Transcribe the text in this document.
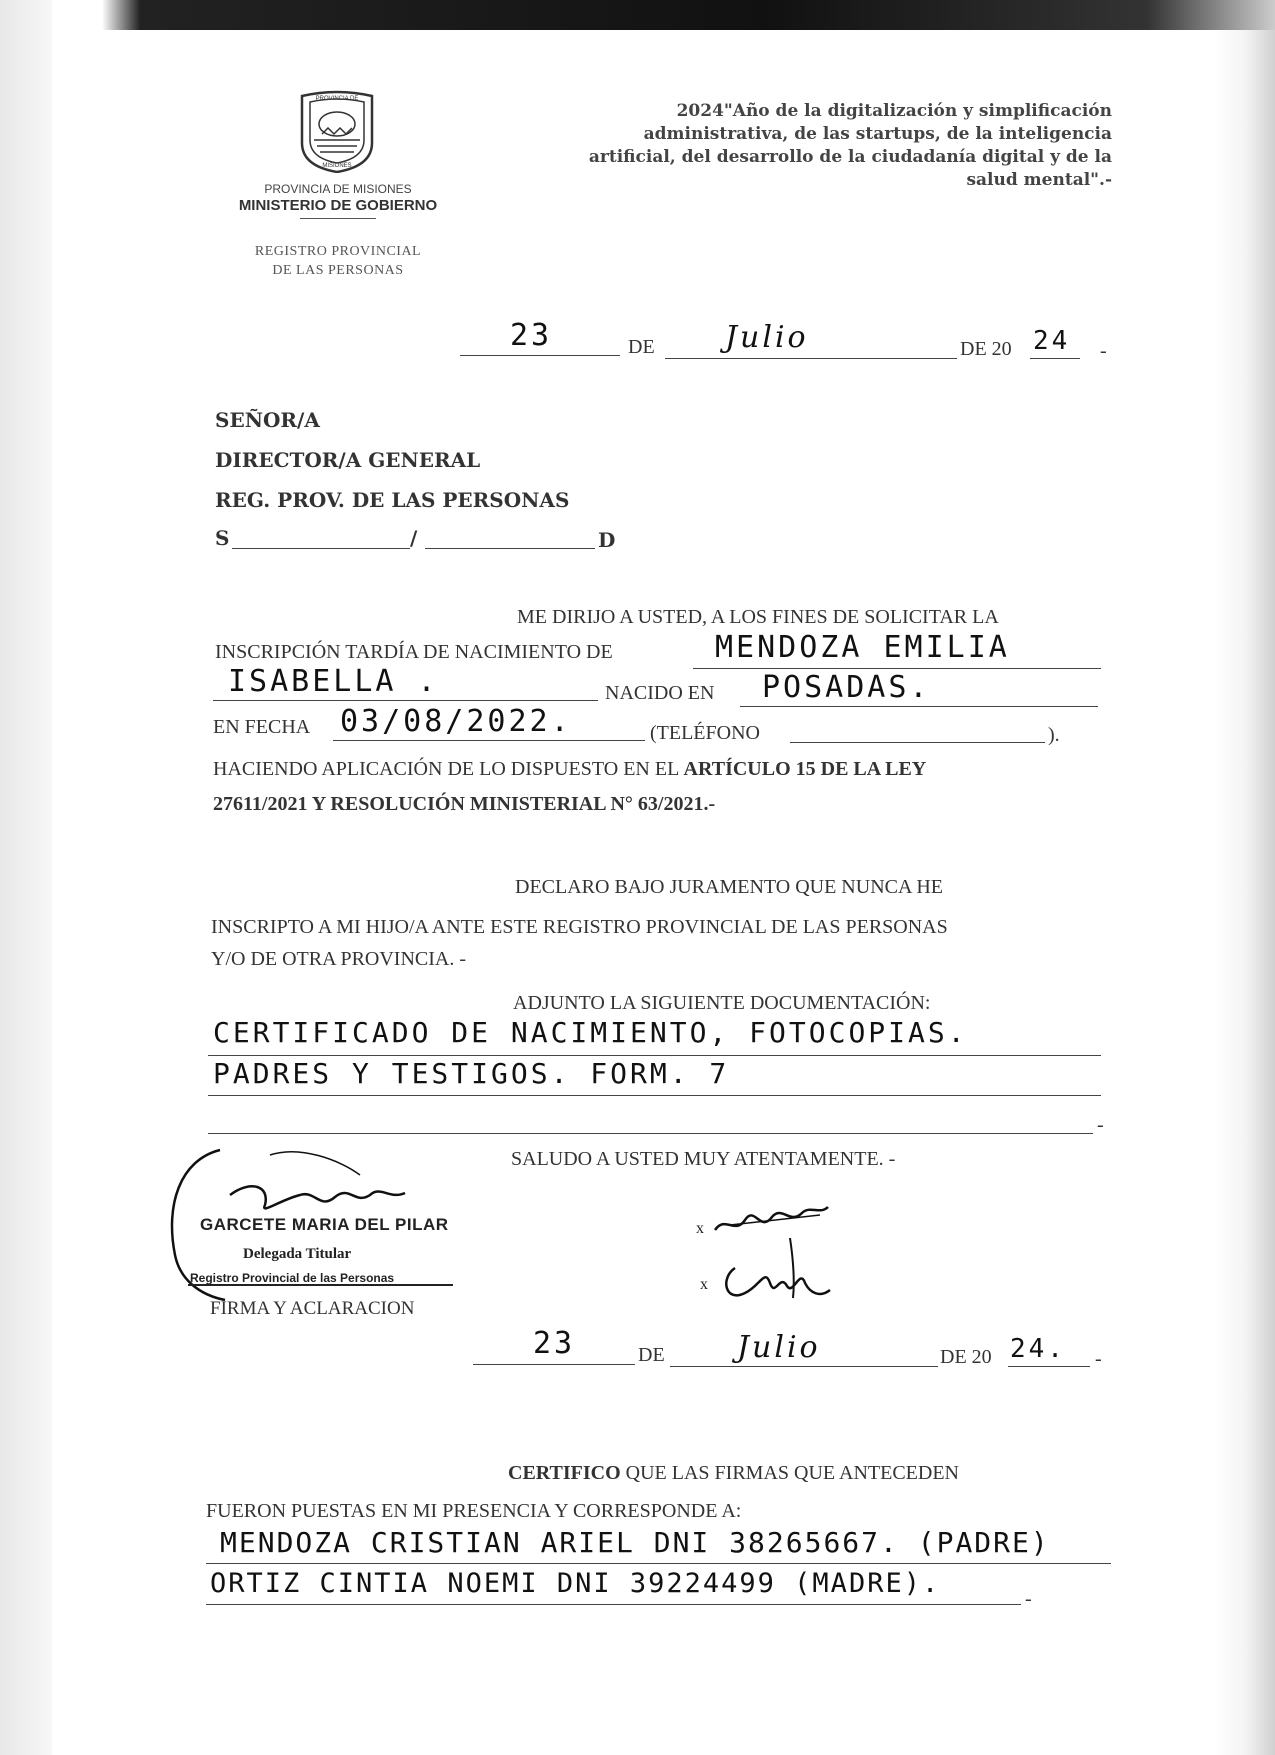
PROVINCIA DE
MISIONES
PROVINCIA DE MISIONES
MINISTERIO DE GOBIERNO
REGISTRO PROVINCIAL
DE LAS PERSONAS
2024"Año de la digitalización y simplificación administrativa, de las startups, de la inteligencia artificial, del desarrollo de la ciudadanía digital y de la salud mental".-
23	DE Julio	DE 20 24 -
SEÑOR/A
DIRECTOR/A GENERAL
REG. PROV. DE LAS PERSONAS
S	/	D
ME DIRIJO A USTED, A LOS FINES DE SOLICITAR LA
INSCRIPCIÓN TARDÍA DE NACIMIENTO DE	MENDOZA EMILIA
ISABELLA .	NACIDO EN POSADAS.
EN FECHA 03/08/2022.	(TELÉFONO	).
HACIENDO APLICACIÓN DE LO DISPUESTO EN EL ARTÍCULO 15 DE LA LEY
27611/2021 Y RESOLUCIÓN MINISTERIAL N° 63/2021.-
DECLARO BAJO JURAMENTO QUE NUNCA HE
INSCRIPTO A MI HIJO/A ANTE ESTE REGISTRO PROVINCIAL DE LAS PERSONAS
Y/O DE OTRA PROVINCIA. -
ADJUNTO LA SIGUIENTE DOCUMENTACIÓN:
CERTIFICADO DE NACIMIENTO, FOTOCOPIAS.
PADRES Y TESTIGOS. FORM. 7
-
SALUDO A USTED MUY ATENTAMENTE. -
GARCETE MARIA DEL PILAR
Delegada Titular
Registro Provincial de las Personas
FIRMA Y ACLARACION
x
x
23	DE Julio	DE 20 24. -
CERTIFICO QUE LAS FIRMAS QUE ANTECEDEN
FUERON PUESTAS EN MI PRESENCIA Y CORRESPONDE A:
MENDOZA CRISTIAN ARIEL DNI 38265667. (PADRE)
ORTIZ CINTIA NOEMI DNI 39224499 (MADRE).	-
